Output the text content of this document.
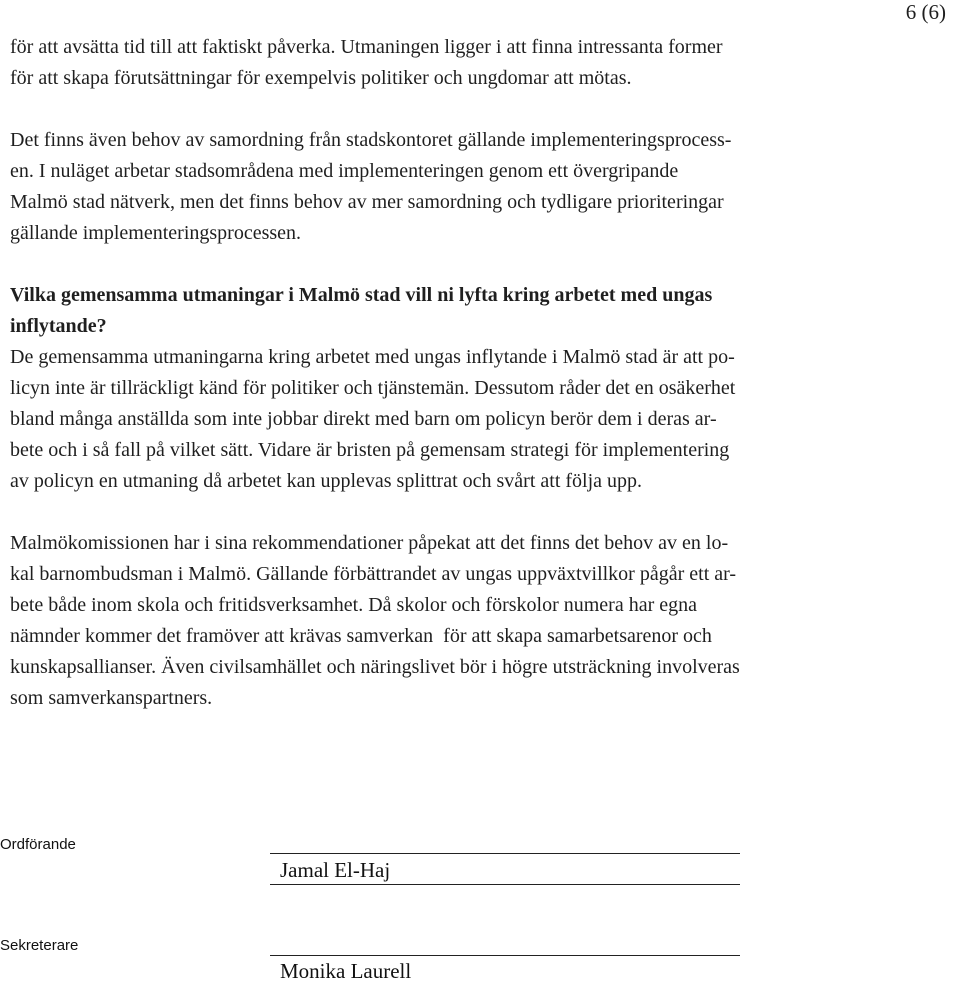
6 (6)
för att avsätta tid till att faktiskt påverka. Utmaningen ligger i att finna intressanta former
för att skapa förutsättningar för exempelvis politiker och ungdomar att mötas.
Det finns även behov av samordning från stadskontoret gällande implementeringsprocess-
en. I nuläget arbetar stadsområdena med implementeringen genom ett övergripande
Malmö stad nätverk, men det finns behov av mer samordning och tydligare prioriteringar
gällande implementeringsprocessen.
Vilka gemensamma utmaningar i Malmö stad vill ni lyfta kring arbetet med ungas
inflytande?
De gemensamma utmaningarna kring arbetet med ungas inflytande i Malmö stad är att po-
licyn inte är tillräckligt känd för politiker och tjänstemän. Dessutom råder det en osäkerhet
bland många anställda som inte jobbar direkt med barn om policyn berör dem i deras ar-
bete och i så fall på vilket sätt. Vidare är bristen på gemensam strategi för implementering
av policyn en utmaning då arbetet kan upplevas splittrat och svårt att följa upp.
Malmökomissionen har i sina rekommendationer påpekat att det finns det behov av en lo-
kal barnombudsman i Malmö. Gällande förbättrandet av ungas uppväxtvillkor pågår ett ar-
bete både inom skola och fritidsverksamhet. Då skolor och förskolor numera har egna
nämnder kommer det framöver att krävas samverkan  för att skapa samarbetsarenor och
kunskapsallianser. Även civilsamhället och näringslivet bör i högre utsträckning involveras
som samverkanspartners.
Ordförande
Jamal El-Haj
Sekreterare
Monika Laurell
